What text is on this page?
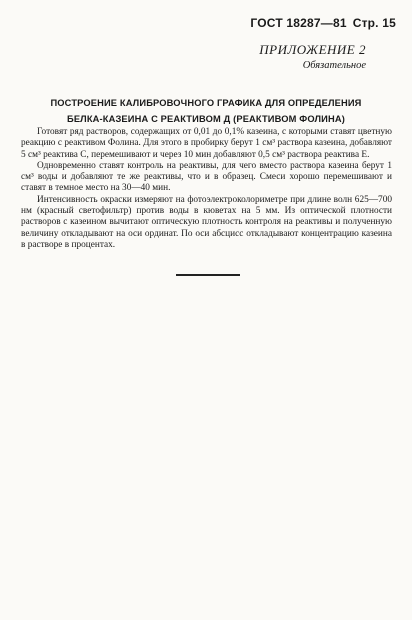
ГОСТ 18287—81 Стр. 15
ПРИЛОЖЕНИЕ 2
Обязательное
ПОСТРОЕНИЕ КАЛИБРОВОЧНОГО ГРАФИКА ДЛЯ ОПРЕДЕЛЕНИЯ
БЕЛКА-КАЗЕИНА С РЕАКТИВОМ Д (РЕАКТИВОМ ФОЛИНА)

Готовят ряд растворов, содержащих от 0,01 до 0,1% казеина, с которыми ставят цветную реакцию с реактивом Фолина. Для этого в пробирку берут 1 см³ раствора казеина, добавляют 5 см³ реактива С, перемешивают и через 10 мин добавляют 0,5 см³ раствора реактива Е.

Одновременно ставят контроль на реактивы, для чего вместо раствора казеина берут 1 см³ воды и добавляют те же реактивы, что и в образец. Смеси хорошо перемешивают и ставят в темное место на 30—40 мин.

Интенсивность окраски измеряют на фотоэлектроколориметре при длине волн 625—700 нм (красный светофильтр) против воды в кюветах на 5 мм. Из оптической плотности растворов с казеином вычитают оптическую плотность контроля на реактивы и полученную величину откладывают на оси ординат. По оси абсцисс откладывают концентрацию казеина в растворе в процентах.
